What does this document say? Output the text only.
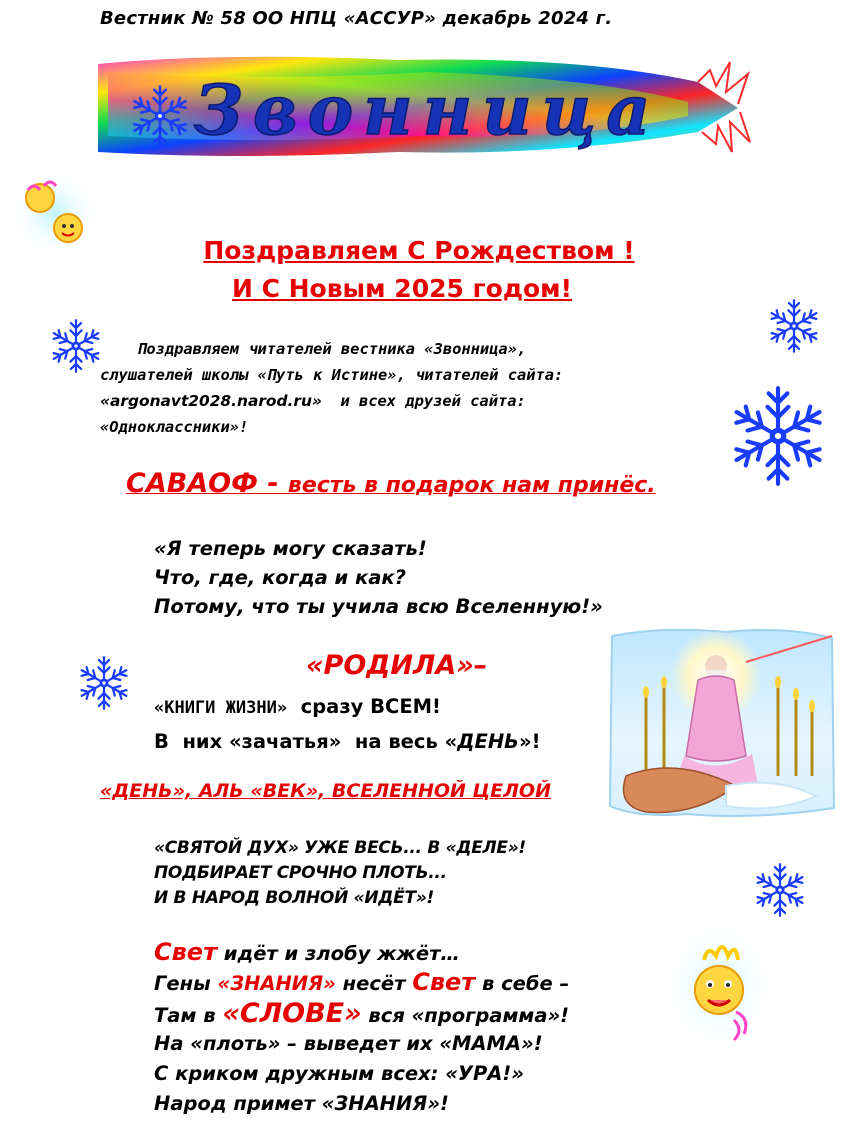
Вестник № 58 ОО НПЦ «АССУР» декабрь 2024 г.
Звонница
Поздравляем С Рождеством !
И С Новым 2025 годом!
Поздравляем читателей вестника «Звонница»,
слушателей школы «Путь к Истине», читателей сайта:
«argonavt2028.narod.ru»  и всех друзей сайта:
«Одноклассники»!
САВАОФ - весть в подарок нам принёс.
«Я теперь могу сказать!
Что, где, когда и как?
Потому, что ты учила всю Вселенную!»
«РОДИЛА»–
«КНИГИ ЖИЗНИ»  сразу ВСЕМ!
В  них «зачатья»  на весь «ДЕНЬ»!
«ДЕНЬ», АЛЬ «ВЕК», ВСЕЛЕННОЙ ЦЕЛОЙ
«СВЯТОЙ ДУХ» УЖЕ ВЕСЬ... В «ДЕЛЕ»!
ПОДБИРАЕТ СРОЧНО ПЛОТЬ...
И В НАРОД ВОЛНОЙ «ИДЁТ»!
Свет идёт и злобу жжёт…
Гены «ЗНАНИЯ» несёт Свет в себе –
Там в «СЛОВЕ» вся «программа»!
На «плоть» – выведет их «МАМА»!
С криком дружным всех: «УРА!»
Народ примет «ЗНАНИЯ»!
